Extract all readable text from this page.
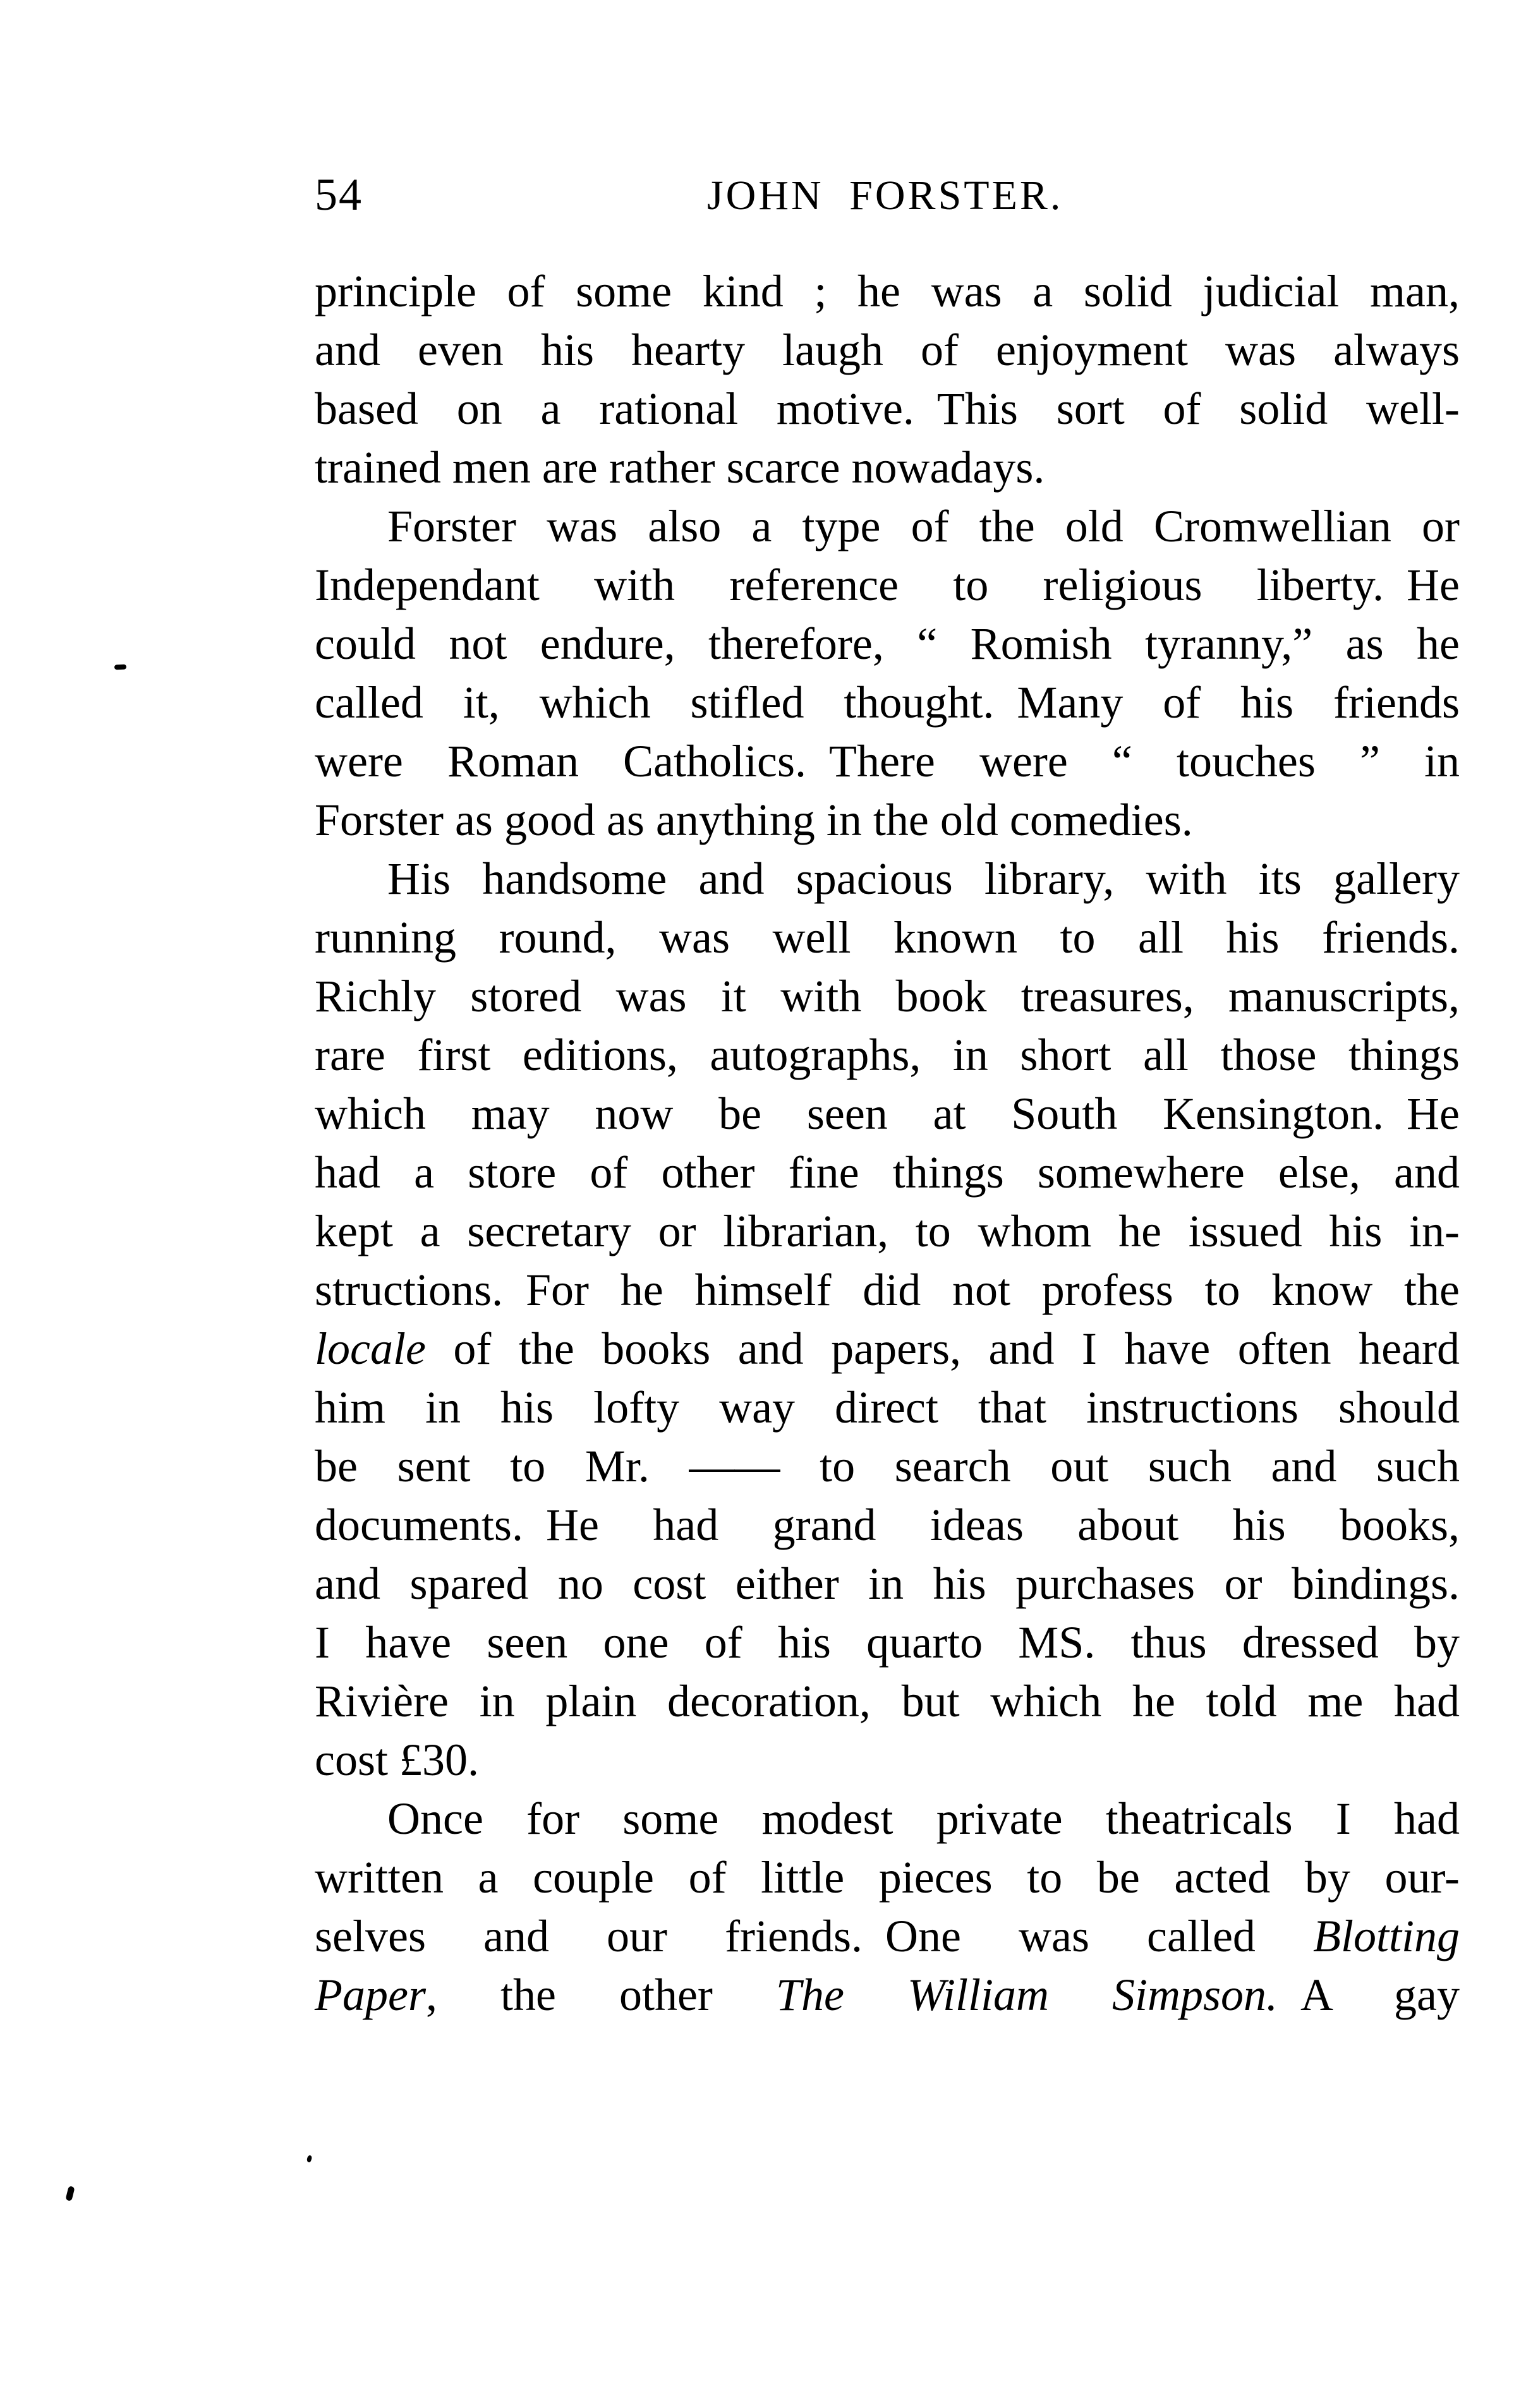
54	JOHN FORSTER.
principle of some kind ; he was a solid judicial man,
and even his hearty laugh of enjoyment was always
based on a rational motive. This sort of solid well-
trained men are rather scarce nowadays.
Forster was also a type of the old Cromwellian or
Independant with reference to religious liberty. He
could not endure, therefore, “ Romish tyranny,” as he
called it, which stifled thought. Many of his friends
were Roman Catholics. There were “ touches ” in
Forster as good as anything in the old comedies.
His handsome and spacious library, with its gallery
running round, was well known to all his friends.
Richly stored was it with book treasures, manuscripts,
rare first editions, autographs, in short all those things
which may now be seen at South Kensington. He
had a store of other fine things somewhere else, and
kept a secretary or librarian, to whom he issued his in-
structions. For he himself did not profess to know the
locale of the books and papers, and I have often heard
him in his lofty way direct that instructions should
be sent to Mr. —— to search out such and such
documents. He had grand ideas about his books,
and spared no cost either in his purchases or bindings.
I have seen one of his quarto MS. thus dressed by
Rivière in plain decoration, but which he told me had
cost £30.
Once for some modest private theatricals I had
written a couple of little pieces to be acted by our-
selves and our friends. One was called Blotting
Paper, the other The William Simpson. A gay
